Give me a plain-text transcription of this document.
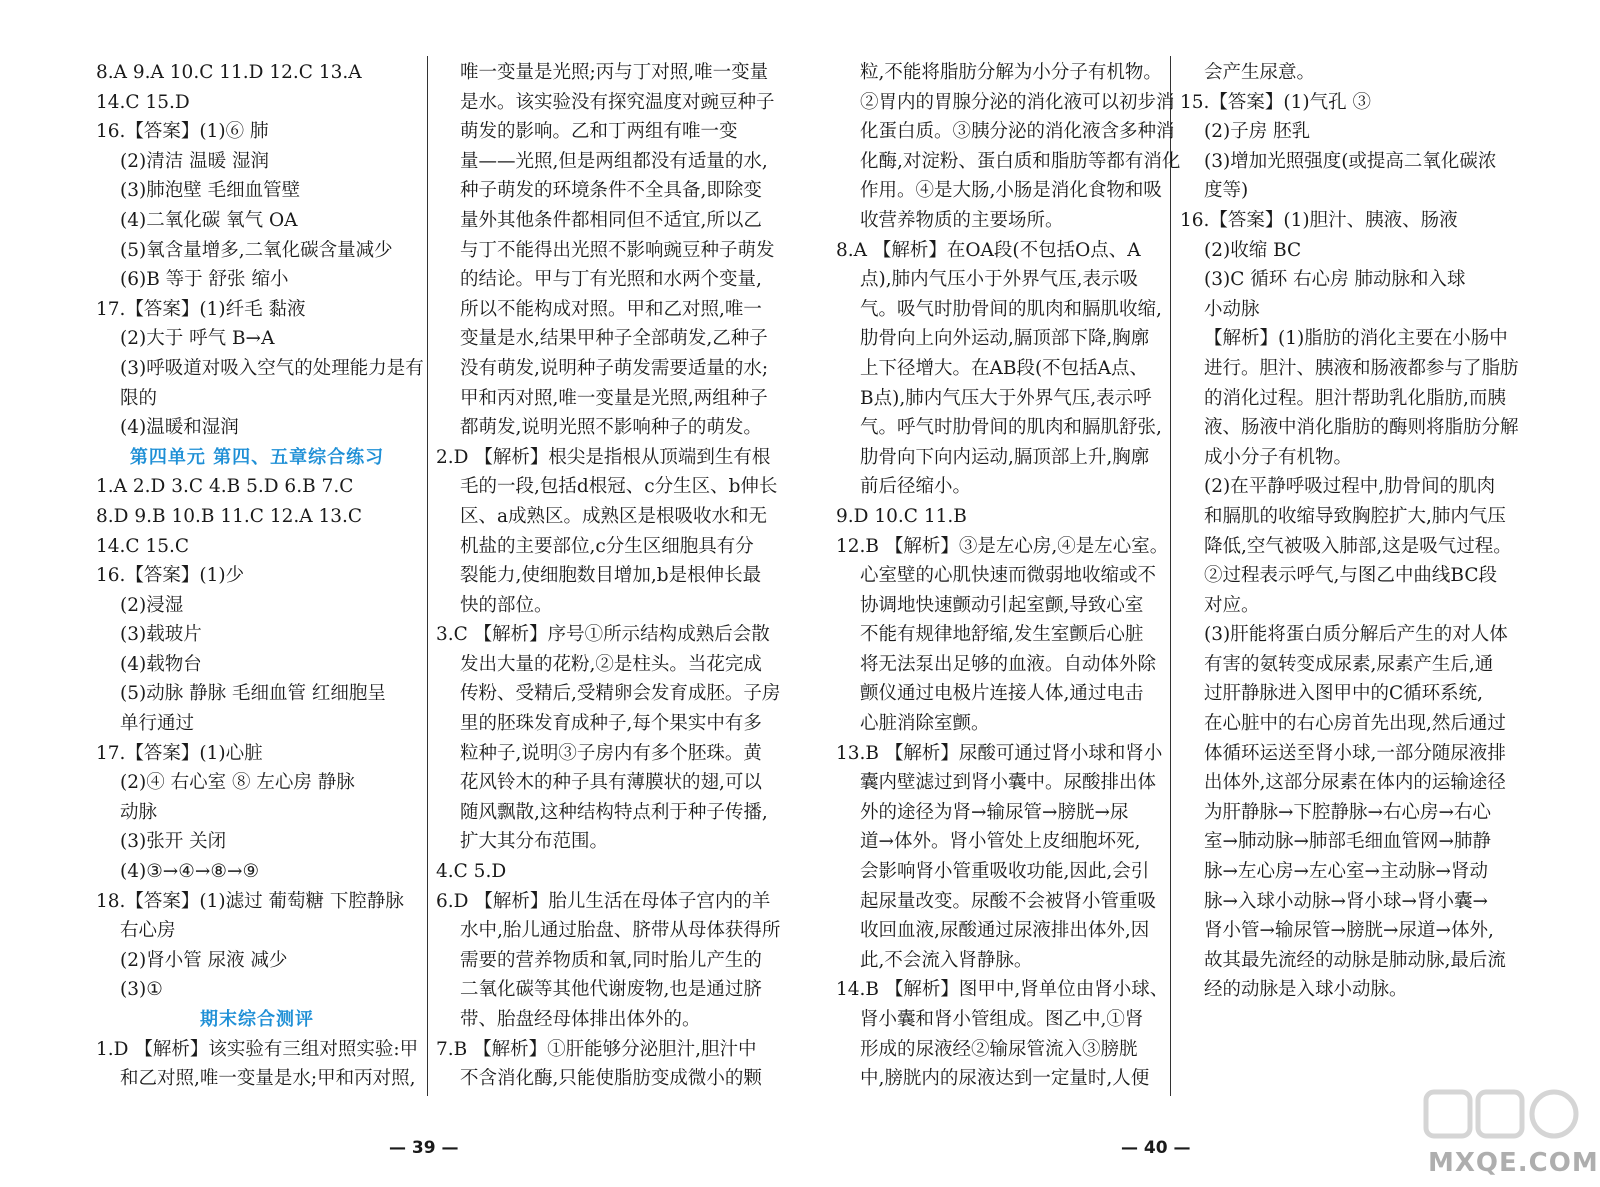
8.A 9.A 10.C 11.D 12.C 13.A
14.C 15.D
16.【答案】(1)⑥ 肺
(2)清洁 温暖 湿润
(3)肺泡壁 毛细血管壁
(4)二氧化碳 氧气 OA
(5)氧含量增多,二氧化碳含量减少
(6)B 等于 舒张 缩小
17.【答案】(1)纤毛 黏液
(2)大于 呼气 B→A
(3)呼吸道对吸入空气的处理能力是有
限的
(4)温暖和湿润
第四单元 第四、五章综合练习
1.A 2.D 3.C 4.B 5.D 6.B 7.C
8.D 9.B 10.B 11.C 12.A 13.C
14.C 15.C
16.【答案】(1)少
(2)浸湿
(3)载玻片
(4)载物台
(5)动脉 静脉 毛细血管 红细胞呈
单行通过
17.【答案】(1)心脏
(2)④ 右心室 ⑧ 左心房 静脉
动脉
(3)张开 关闭
(4)③→④→⑧→⑨
18.【答案】(1)滤过 葡萄糖 下腔静脉
右心房
(2)肾小管 尿液 减少
(3)①
期末综合测评
1.D 【解析】该实验有三组对照实验:甲
和乙对照,唯一变量是水;甲和丙对照,
唯一变量是光照;丙与丁对照,唯一变量
是水。该实验没有探究温度对豌豆种子
萌发的影响。乙和丁两组有唯一变
量——光照,但是两组都没有适量的水,
种子萌发的环境条件不全具备,即除变
量外其他条件都相同但不适宜,所以乙
与丁不能得出光照不影响豌豆种子萌发
的结论。甲与丁有光照和水两个变量,
所以不能构成对照。甲和乙对照,唯一
变量是水,结果甲种子全部萌发,乙种子
没有萌发,说明种子萌发需要适量的水;
甲和丙对照,唯一变量是光照,两组种子
都萌发,说明光照不影响种子的萌发。
2.D 【解析】根尖是指根从顶端到生有根
毛的一段,包括d根冠、c分生区、b伸长
区、a成熟区。成熟区是根吸收水和无
机盐的主要部位,c分生区细胞具有分
裂能力,使细胞数目增加,b是根伸长最
快的部位。
3.C 【解析】序号①所示结构成熟后会散
发出大量的花粉,②是柱头。当花完成
传粉、受精后,受精卵会发育成胚。子房
里的胚珠发育成种子,每个果实中有多
粒种子,说明③子房内有多个胚珠。黄
花风铃木的种子具有薄膜状的翅,可以
随风飘散,这种结构特点利于种子传播,
扩大其分布范围。
4.C 5.D
6.D 【解析】胎儿生活在母体子宫内的羊
水中,胎儿通过胎盘、脐带从母体获得所
需要的营养物质和氧,同时胎儿产生的
二氧化碳等其他代谢废物,也是通过脐
带、胎盘经母体排出体外的。
7.B 【解析】①肝能够分泌胆汁,胆汁中
不含消化酶,只能使脂肪变成微小的颗
粒,不能将脂肪分解为小分子有机物。
②胃内的胃腺分泌的消化液可以初步消
化蛋白质。③胰分泌的消化液含多种消
化酶,对淀粉、蛋白质和脂肪等都有消化
作用。④是大肠,小肠是消化食物和吸
收营养物质的主要场所。
8.A 【解析】在OA段(不包括O点、A
点),肺内气压小于外界气压,表示吸
气。吸气时肋骨间的肌肉和膈肌收缩,
肋骨向上向外运动,膈顶部下降,胸廓
上下径增大。在AB段(不包括A点、
B点),肺内气压大于外界气压,表示呼
气。呼气时肋骨间的肌肉和膈肌舒张,
肋骨向下向内运动,膈顶部上升,胸廓
前后径缩小。
9.D 10.C 11.B
12.B 【解析】③是左心房,④是左心室。
心室壁的心肌快速而微弱地收缩或不
协调地快速颤动引起室颤,导致心室
不能有规律地舒缩,发生室颤后心脏
将无法泵出足够的血液。自动体外除
颤仪通过电极片连接人体,通过电击
心脏消除室颤。
13.B 【解析】尿酸可通过肾小球和肾小
囊内壁滤过到肾小囊中。尿酸排出体
外的途径为肾→输尿管→膀胱→尿
道→体外。肾小管处上皮细胞坏死,
会影响肾小管重吸收功能,因此,会引
起尿量改变。尿酸不会被肾小管重吸
收回血液,尿酸通过尿液排出体外,因
此,不会流入肾静脉。
14.B 【解析】图甲中,肾单位由肾小球、
肾小囊和肾小管组成。图乙中,①肾
形成的尿液经②输尿管流入③膀胱
中,膀胱内的尿液达到一定量时,人便
会产生尿意。
15.【答案】(1)气孔 ③
(2)子房 胚乳
(3)增加光照强度(或提高二氧化碳浓
度等)
16.【答案】(1)胆汁、胰液、肠液
(2)收缩 BC
(3)C 循环 右心房 肺动脉和入球
小动脉
【解析】(1)脂肪的消化主要在小肠中
进行。胆汁、胰液和肠液都参与了脂肪
的消化过程。胆汁帮助乳化脂肪,而胰
液、肠液中消化脂肪的酶则将脂肪分解
成小分子有机物。
(2)在平静呼吸过程中,肋骨间的肌肉
和膈肌的收缩导致胸腔扩大,肺内气压
降低,空气被吸入肺部,这是吸气过程。
②过程表示呼气,与图乙中曲线BC段
对应。
(3)肝能将蛋白质分解后产生的对人体
有害的氨转变成尿素,尿素产生后,通
过肝静脉进入图甲中的C循环系统,
在心脏中的右心房首先出现,然后通过
体循环运送至肾小球,一部分随尿液排
出体外,这部分尿素在体内的运输途径
为肝静脉→下腔静脉→右心房→右心
室→肺动脉→肺部毛细血管网→肺静
脉→左心房→左心室→主动脉→肾动
脉→入球小动脉→肾小球→肾小囊→
肾小管→输尿管→膀胱→尿道→体外,
故其最先流经的动脉是肺动脉,最后流
经的动脉是入球小动脉。
— 39 —	— 40 —	MXQE.COM
